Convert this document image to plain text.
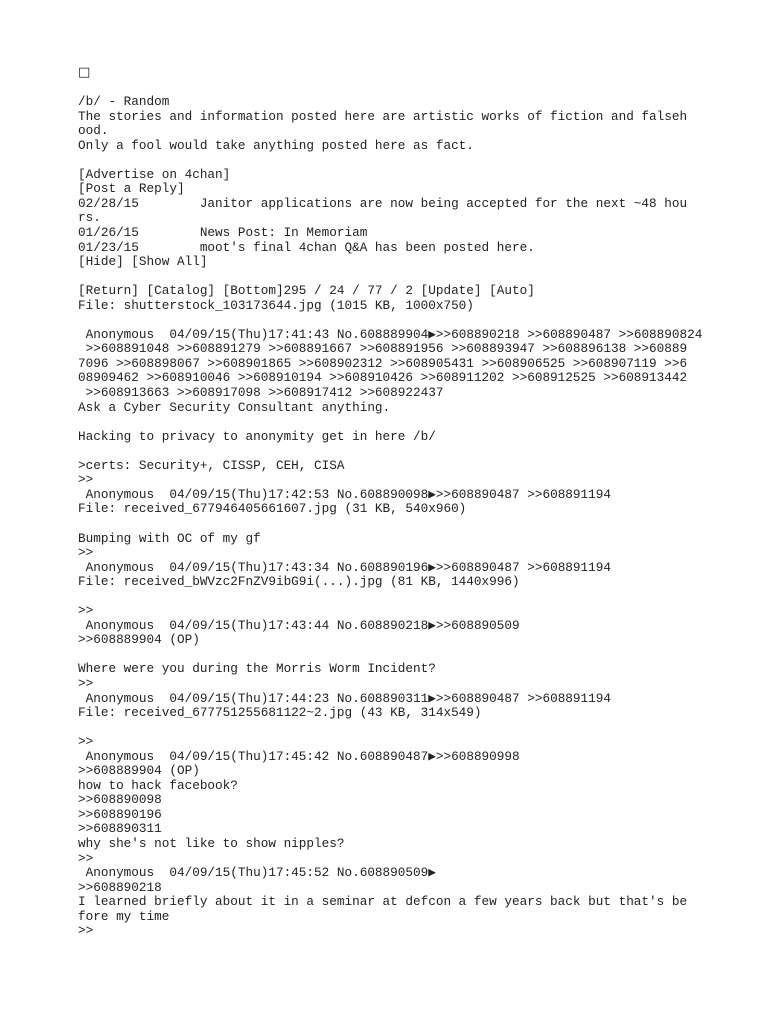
□
/b/ - Random
The stories and information posted here are artistic works of fiction and falseh
ood.
Only a fool would take anything posted here as fact.
[Advertise on 4chan]
[Post a Reply]
02/28/15        Janitor applications are now being accepted for the next ~48 hou
rs.
01/26/15        News Post: In Memoriam
01/23/15        moot's final 4chan Q&A has been posted here.
[Hide] [Show All]
[Return] [Catalog] [Bottom]295 / 24 / 77 / 2 [Update] [Auto]
File: shutterstock_103173644.jpg (1015 KB, 1000x750)
Anonymous  04/09/15(Thu)17:41:43 No.608889904▶>>608890218 >>608890487 >>608890824
>>608891048 >>608891279 >>608891667 >>608891956 >>608893947 >>608896138 >>60889
7096 >>608898067 >>608901865 >>608902312 >>608905431 >>608906525 >>608907119 >>6
08909462 >>608910046 >>608910194 >>608910426 >>608911202 >>608912525 >>608913442
>>608913663 >>608917098 >>608917412 >>608922437
Ask a Cyber Security Consultant anything.
Hacking to privacy to anonymity get in here /b/
>certs: Security+, CISSP, CEH, CISA
>>
Anonymous  04/09/15(Thu)17:42:53 No.608890098▶>>608890487 >>608891194
File: received_677946405661607.jpg (31 KB, 540x960)
Bumping with OC of my gf
>>
Anonymous  04/09/15(Thu)17:43:34 No.608890196▶>>608890487 >>608891194
File: received_bWVzc2FnZV9ibG9i(...).jpg (81 KB, 1440x996)
>>
Anonymous  04/09/15(Thu)17:43:44 No.608890218▶>>608890509
>>608889904 (OP)
Where were you during the Morris Worm Incident?
>>
Anonymous  04/09/15(Thu)17:44:23 No.608890311▶>>608890487 >>608891194
File: received_677751255681122~2.jpg (43 KB, 314x549)
>>
Anonymous  04/09/15(Thu)17:45:42 No.608890487▶>>608890998
>>608889904 (OP)
how to hack facebook?
>>608890098
>>608890196
>>608890311
why she's not like to show nipples?
>>
Anonymous  04/09/15(Thu)17:45:52 No.608890509▶
>>608890218
I learned briefly about it in a seminar at defcon a few years back but that's be
fore my time
>>
